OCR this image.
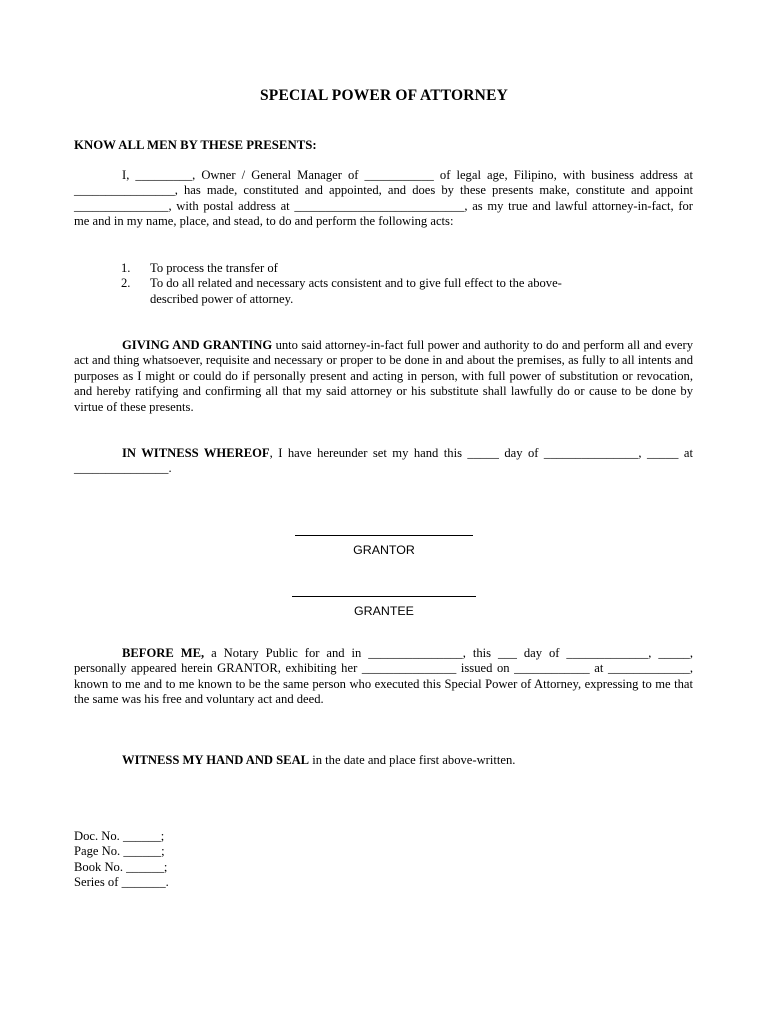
SPECIAL POWER OF ATTORNEY
KNOW ALL MEN BY THESE PRESENTS:
I, _________, Owner / General Manager of ___________ of legal age, Filipino, with business address at ________________, has made, constituted and appointed, and does by these presents make, constitute and appoint _______________, with postal address at ___________________________, as my true and lawful attorney-in-fact, for me and in my name, place, and stead, to do and perform the following acts:
1.	To process the transfer of
2.	To do all related and necessary acts consistent and to give full effect to the above-described power of attorney.
GIVING AND GRANTING unto said attorney-in-fact full power and authority to do and perform all and every act and thing whatsoever, requisite and necessary or proper to be done in and about the premises, as fully to all intents and purposes as I might or could do if personally present and acting in person, with full power of substitution or revocation, and hereby ratifying and confirming all that my said attorney or his substitute shall lawfully do or cause to be done by virtue of these presents.
IN WITNESS WHEREOF, I have hereunder set my hand this _____ day of _______________, _____ at _______________.
GRANTOR
GRANTEE
BEFORE ME, a Notary Public for and in _______________, this ___ day of _____________, _____, personally appeared herein GRANTOR, exhibiting her _______________ issued on ____________ at _____________, known to me and to me known to be the same person who executed this Special Power of Attorney, expressing to me that the same was his free and voluntary act and deed.
WITNESS MY HAND AND SEAL in the date and place first above-written.
Doc. No. ______;
Page No. ______;
Book No. ______;
Series of _______.
